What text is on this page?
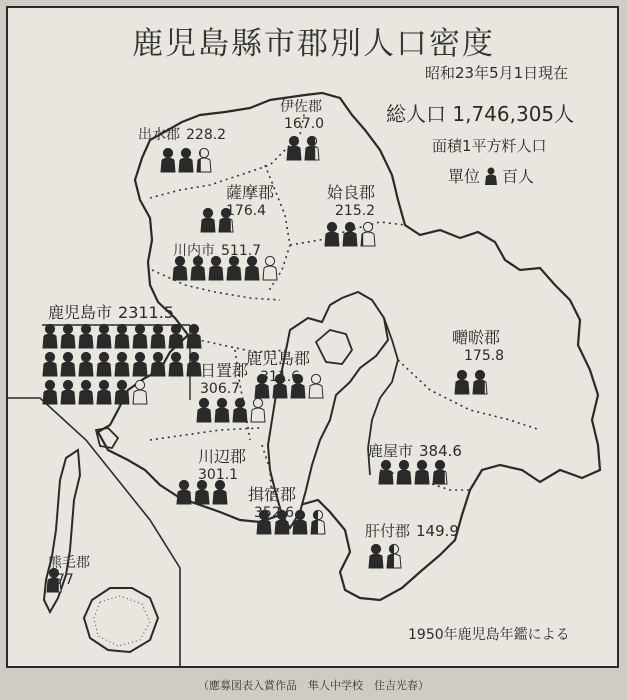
鹿児島縣市郡別人口密度
昭和23年5月1日現在
総人口 1,746,305人
面積1平方粁人口
單位 百人
出水郡 228.2
伊佐郡
167.0
薩摩郡
176.4
姶良郡
215.2
川内市 511.7
鹿児島市 2311.5
日置郡
306.7
鹿児島郡
311.6
囎唹郡
175.8
川辺郡
301.1
鹿屋市 384.6
揖宿郡
352.6
肝付郡 149.9
熊毛郡
77
1950年鹿児島年鑑による
（應募図表入賞作品　隼人中学校　住吉光春）
